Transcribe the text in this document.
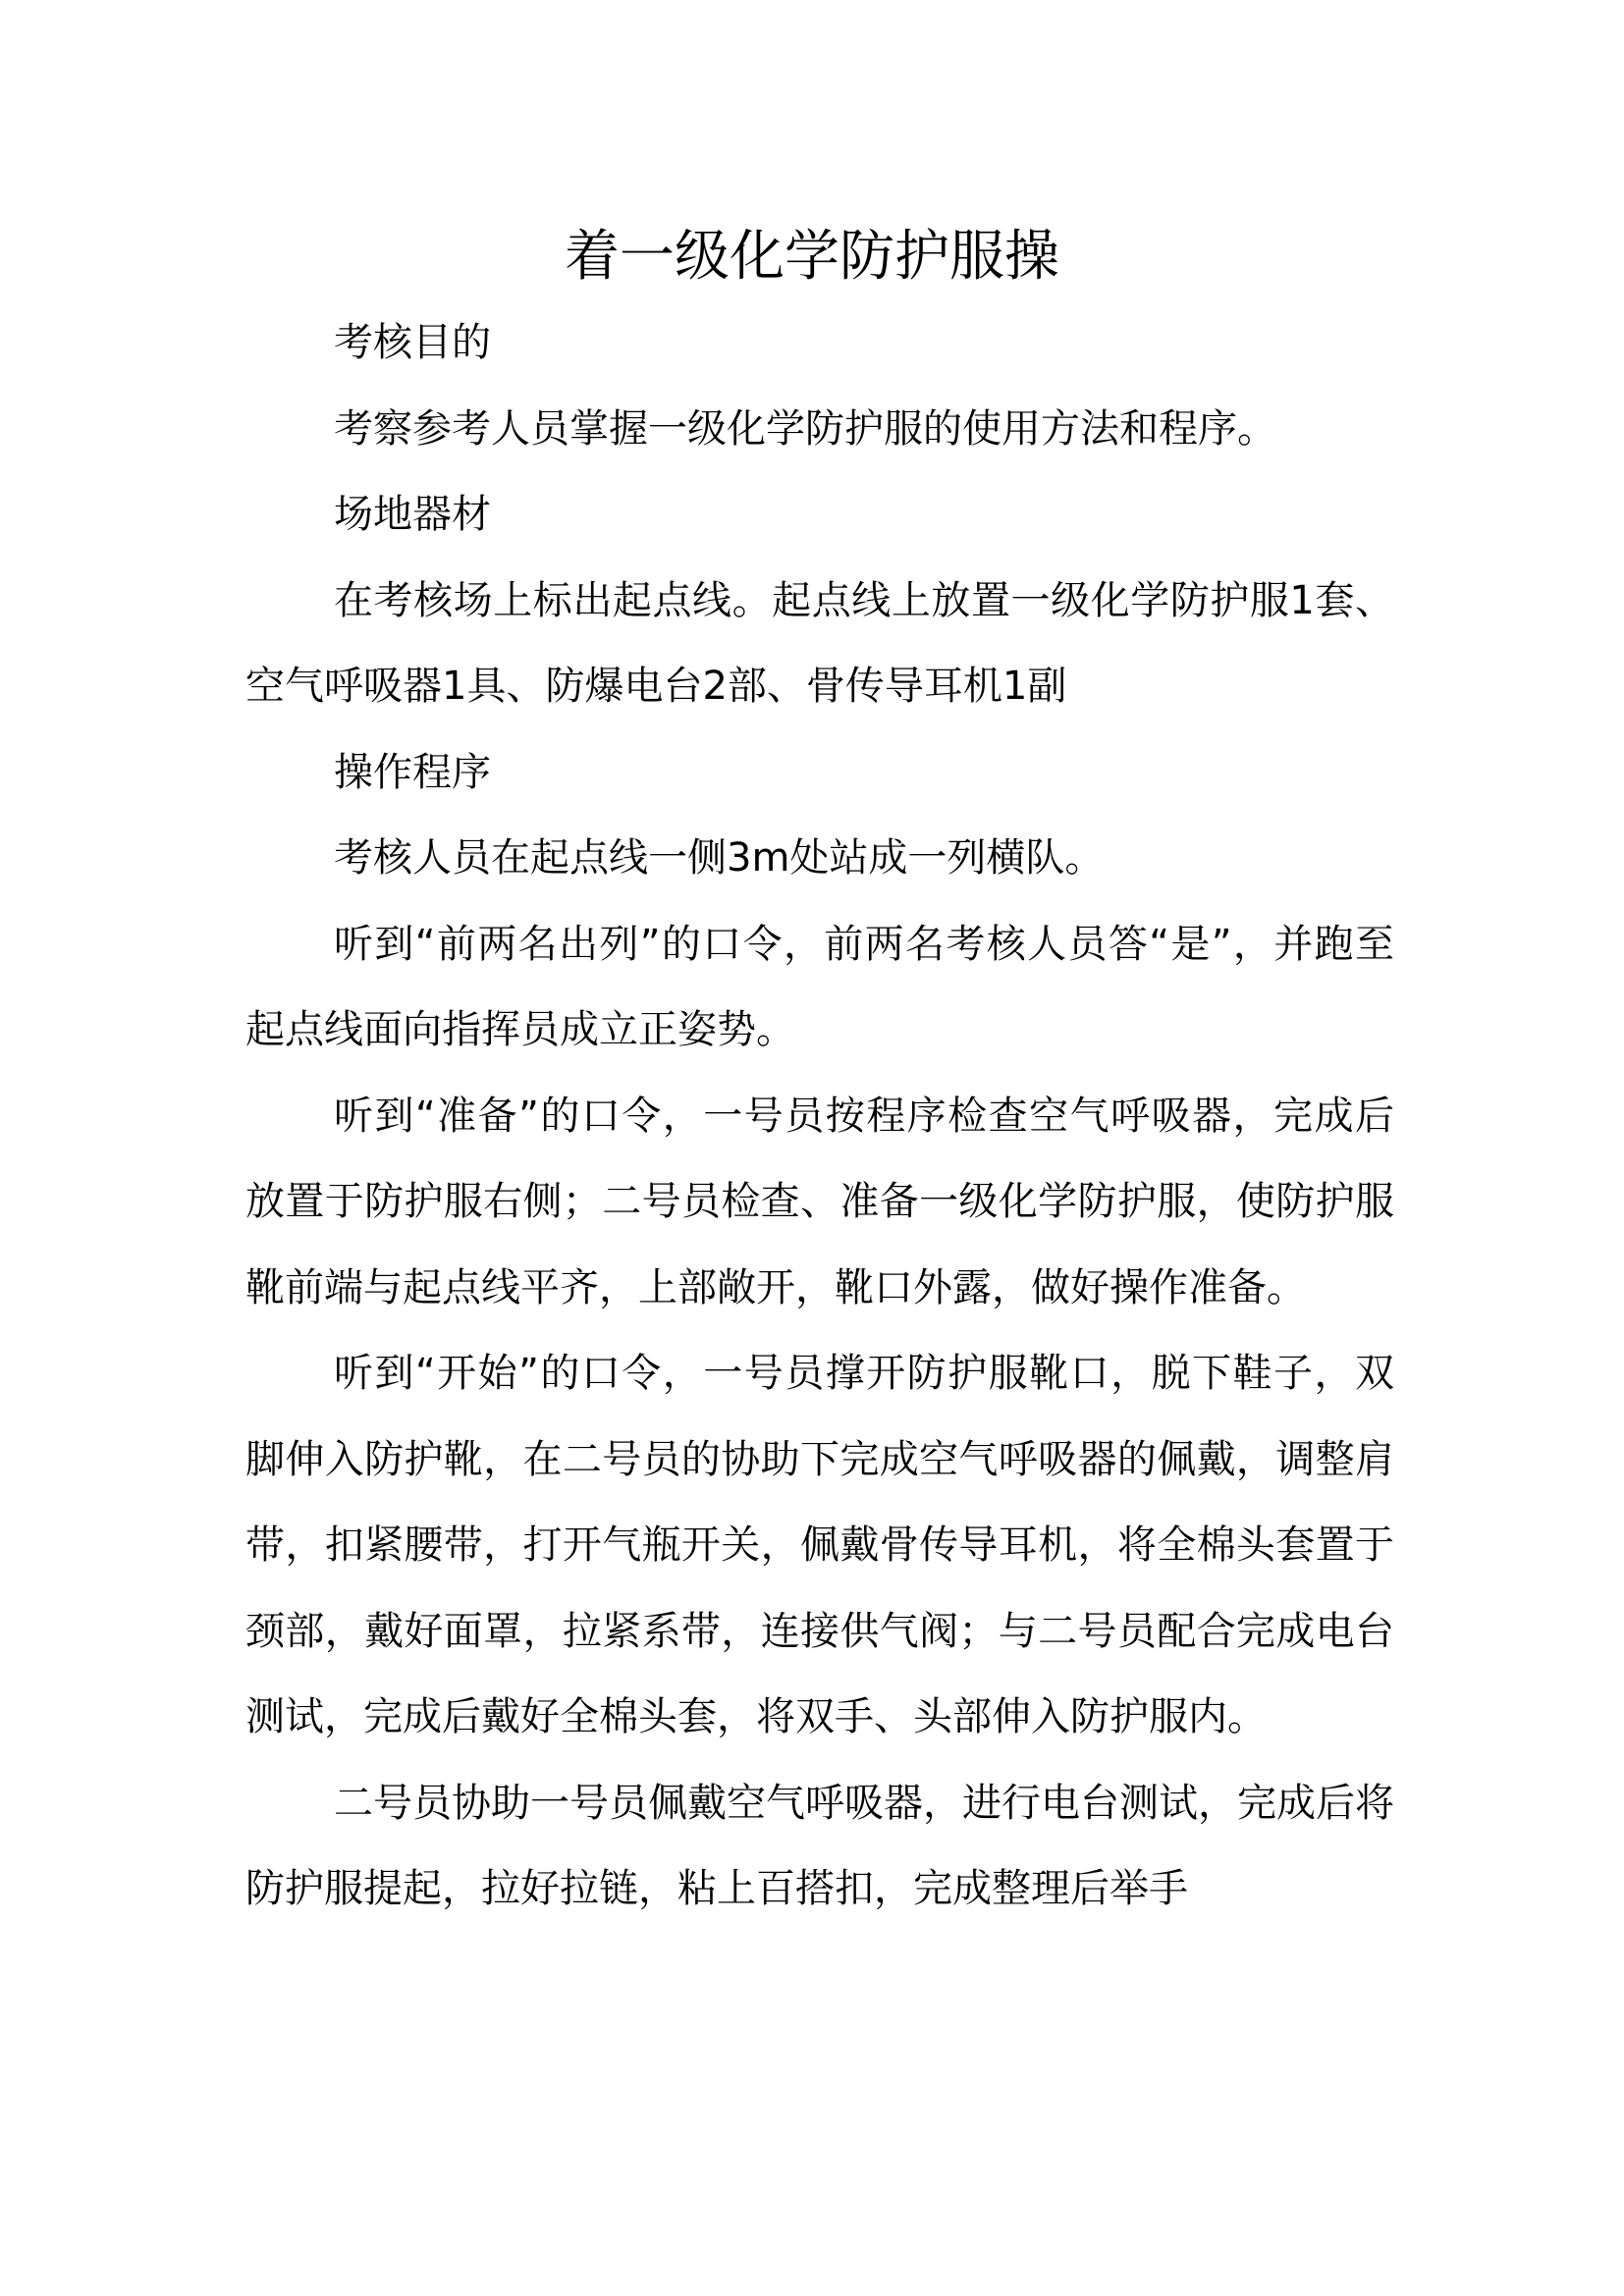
着一级化学防护服操

考核目的

考察参考人员掌握一级化学防护服的使用方法和程序。

场地器材

在考核场上标出起点线。起点线上放置一级化学防护服1套、空气呼吸器1具、防爆电台2部、骨传导耳机1副

操作程序

考核人员在起点线一侧3m处站成一列横队。

听到“前两名出列”的口令，前两名考核人员答“是”，并跑至起点线面向指挥员成立正姿势。

听到“准备”的口令，一号员按程序检查空气呼吸器，完成后放置于防护服右侧；二号员检查、准备一级化学防护服，使防护服靴前端与起点线平齐，上部敞开，靴口外露，做好操作准备。

听到“开始”的口令，一号员撑开防护服靴口，脱下鞋子，双脚伸入防护靴，在二号员的协助下完成空气呼吸器的佩戴，调整肩带，扣紧腰带，打开气瓶开关，佩戴骨传导耳机，将全棉头套置于颈部，戴好面罩，拉紧系带，连接供气阀；与二号员配合完成电台测试，完成后戴好全棉头套，将双手、头部伸入防护服内。

二号员协助一号员佩戴空气呼吸器，进行电台测试，完成后将防护服提起，拉好拉链，粘上百搭扣，完成整理后举手
